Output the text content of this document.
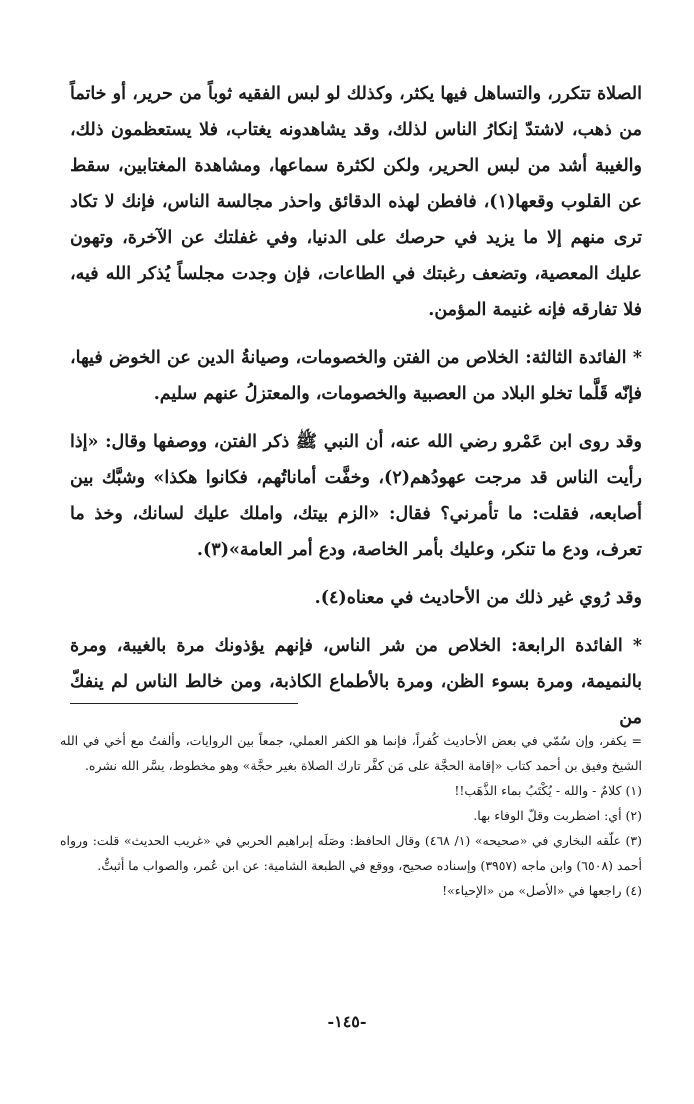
الصلاة تتكرر، والتساهل فيها يكثر، وكذلك لو لبس الفقيه ثوباً من حرير، أو خاتماً من ذهب، لاشتدّ إنكارُ الناس لذلك، وقد يشاهدونه يغتاب، فلا يستعظمون ذلك، والغيبة أشد من لبس الحرير، ولكن لكثرة سماعها، ومشاهدة المغتابين، سقط عن القلوب وقعها(١)، فافطن لهذه الدقائق واحذر مجالسة الناس، فإنك لا تكاد ترى منهم إلا ما يزيد في حرصك على الدنيا، وفي غفلتك عن الآخرة، وتهون عليك المعصية، وتضعف رغبتك في الطاعات، فإن وجدت مجلساً يُذكر الله فيه، فلا تفارقه فإنه غنيمة المؤمن.

* الفائدة الثالثة: الخلاص من الفتن والخصومات، وصيانةُ الدين عن الخوض فيها، فإنّه قَلَّما تخلو البلاد من العصبية والخصومات، والمعتزلُ عنهم سليم.

وقد روى ابن عَمْرو رضي الله عنه، أن النبي ﷺ ذكر الفتن، ووصفها وقال: «إذا رأيت الناس قد مرجت عهودُهم(٢)، وخفَّت أماناتُهم، فكانوا هكذا» وشبَّك بين أصابعه، فقلت: ما تأمرني؟ فقال: «الزم بيتك، واملك عليك لسانك، وخذ ما تعرف، ودع ما تنكر، وعليك بأمر الخاصة، ودع أمر العامة»(٣).

وقد رُوي غير ذلك من الأحاديث في معناه(٤).

* الفائدة الرابعة: الخلاص من شر الناس، فإنهم يؤذونك مرة بالغيبة، ومرة بالنميمة، ومرة بسوء الظن، ومرة بالأطماع الكاذبة، ومن خالط الناس لم ينفكّ من

= يكفر، وإن سُمّي في بعض الأحاديث كُفراً، فإنما هو الكفر العملي، جمعاً بين الروايات، وألفتُ مع أخي في الله الشيخ وفيق بن أحمد كتاب «إقامة الحجَّة على مَن كفَّر تارك الصلاة بغير حجَّة» وهو مخطوط، يسَّر الله نشره.

(١) كلامٌ - والله - يُكْتَبُ بماء الذَّهَب!!

(٢) أي: اضطربت وقلّ الوفاء بها.

(٣) علّقه البخاري في «صحيحه» (١/ ٤٦٨) وقال الحافظ: وصَلَه إبراهيم الحربي في «غريب الحديث» قلت: ورواه أحمد (٦٥٠٨) وابن ماجه (٣٩٥٧) وإسناده صحيح، ووقع في الطبعة الشامية: عن ابن عُمر، والصواب ما أثبتُّ.

(٤) راجعها في «الأصل» من «الإحياء»!

-١٤٥-
